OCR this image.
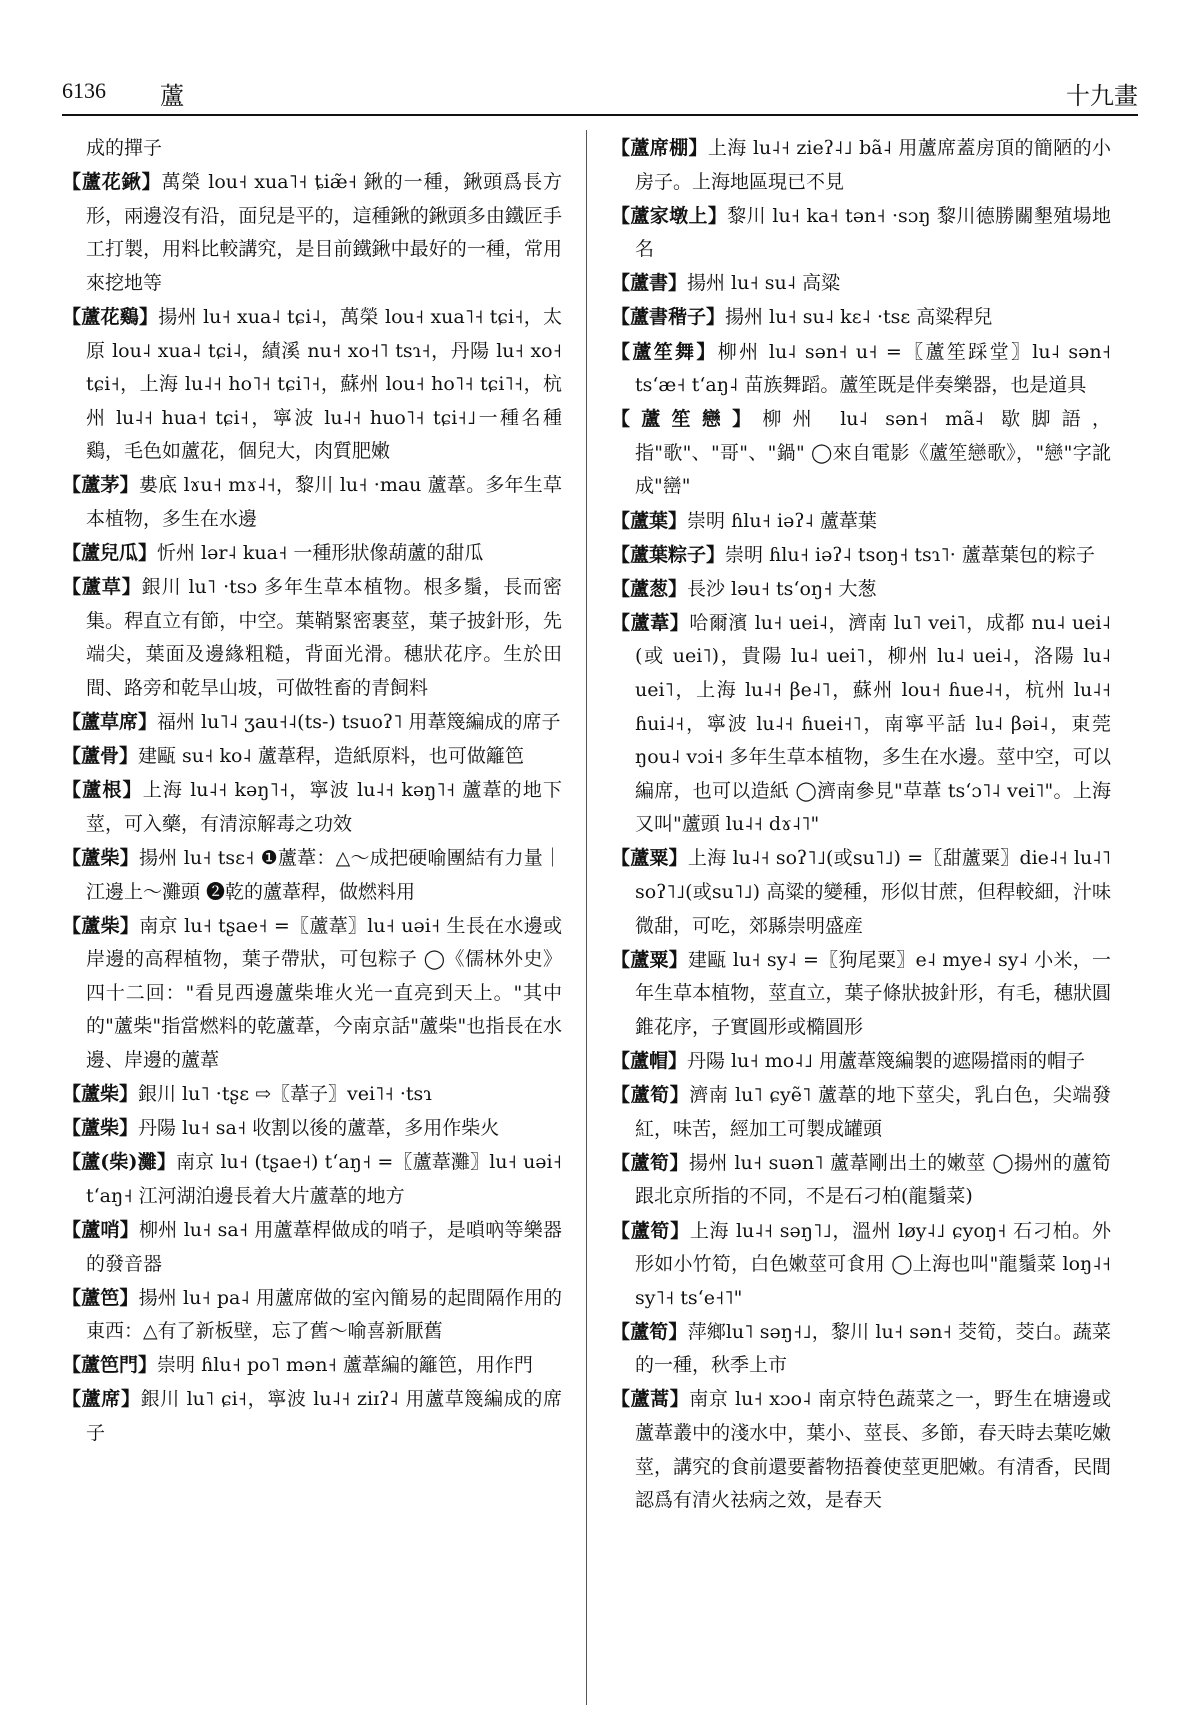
6136 蘆	十九畫

成的撣子

【蘆花鍬】萬榮 lou˧ xua˥˧ ȶiæ̃˧ 鍬的一種，鍬頭爲長方形，兩邊沒有沿，面兒是平的，這種鍬的鍬頭多由鐵匠手工打製，用料比較講究，是目前鐵鍬中最好的一種，常用來挖地等

【蘆花鷄】揚州 lu˧ xua˨ tɕi˨，萬榮 lou˧ xua˥˧ tɕi˧，太原 lou˨ xua˨ tɕi˨，績溪 nu˧ xo˧˥ tsɿ˧，丹陽 lu˧ xo˧ tɕi˧，上海 lu˨˧ ho˥˧ tɕi˥˧，蘇州 lou˧ ho˥˧ tɕi˥˧，杭州 lu˨˧ hua˧ tɕi˧，寧波 lu˨˧ huo˥˧ tɕi˧˩一種名種鷄，毛色如蘆花，個兒大，肉質肥嫩

【蘆茅】婁底 lɤu˧ mɤ˨˧，黎川 lu˧ ·mau 蘆葦。多年生草本植物，多生在水邊

【蘆兒瓜】忻州 lər˨ kua˧ 一種形狀像葫蘆的甜瓜

【蘆草】銀川 lu˥ ·tsɔ 多年生草本植物。根多鬚，長而密集。稈直立有節，中空。葉鞘緊密裹莖，葉子披針形，先端尖，葉面及邊緣粗糙，背面光滑。穗狀花序。生於田間、路旁和乾旱山坡，可做牲畜的青飼料

【蘆草席】福州 lu˥˨ ʒau˧˨(ts-) tsuoʔ˥ 用葦篾編成的席子

【蘆骨】建甌 su˧ ko˨ 蘆葦稈，造紙原料，也可做籬笆

【蘆根】上海 lu˨˧ kəŋ˥˧，寧波 lu˨˧ kəŋ˥˧ 蘆葦的地下莖，可入藥，有清涼解毒之功效

【蘆柴】揚州 lu˧ tsɛ˧ ❶蘆葦：△～成把硬喻團結有力量｜江邊上～灘頭 ❷乾的蘆葦稈，做燃料用

【蘆柴】南京 lu˧ tʂae˧ =〖蘆葦〗lu˧ uəi˧ 生長在水邊或岸邊的高稈植物，葉子帶狀，可包粽子 ◯《儒林外史》四十二回："看見西邊蘆柴堆火光一直亮到天上。"其中的"蘆柴"指當燃料的乾蘆葦，今南京話"蘆柴"也指長在水邊、岸邊的蘆葦

【蘆柴】銀川 lu˥ ·tʂɛ ⇨〖葦子〗vei˥˧ ·tsɿ

【蘆柴】丹陽 lu˧ sa˧ 收割以後的蘆葦，多用作柴火

【蘆(柴)灘】南京 lu˧ (tʂae˧) tʻaŋ˧ =〖蘆葦灘〗lu˧ uəi˧ tʻaŋ˧ 江河湖泊邊長着大片蘆葦的地方

【蘆哨】柳州 lu˧ sa˧ 用蘆葦桿做成的哨子，是嗩吶等樂器的發音器

【蘆笆】揚州 lu˧ pa˨ 用蘆席做的室內簡易的起間隔作用的東西：△有了新板壁，忘了舊～喻喜新厭舊

【蘆笆門】崇明 ɦlu˧ po˥ mən˧ 蘆葦編的籬笆，用作門

【蘆席】銀川 lu˥ ɕi˧，寧波 lu˨˧ ziɪʔ˨ 用蘆草篾編成的席子

【蘆席棚】上海 lu˨˧ zieʔ˨˩ bã˨ 用蘆席蓋房頂的簡陋的小房子。上海地區現已不見

【蘆家墩上】黎川 lu˧ ka˧ tən˧ ·sɔŋ 黎川德勝關墾殖場地名

【蘆書】揚州 lu˧ su˨ 高粱

【蘆書稭子】揚州 lu˧ su˨ kɛ˨ ·tsɛ 高粱稈兒

【蘆笙舞】柳州 lu˨ sən˧ u˧ =〖蘆笙踩堂〗lu˨ sən˧ tsʻæ˧ tʻaŋ˨ 苗族舞蹈。蘆笙既是伴奏樂器，也是道具

【蘆笙戀】柳州 lu˨ sən˧ mã˨ 歇脚語，指"歌"、"哥"、"鍋" ◯來自電影《蘆笙戀歌》，"戀"字訛成"巒"

【蘆葉】崇明 ɦlu˧ iəʔ˨ 蘆葦葉

【蘆葉粽子】崇明 ɦlu˧ iəʔ˨ tsoŋ˧ tsɿ˥· 蘆葦葉包的粽子

【蘆葱】長沙 ləu˧ tsʻoŋ˧ 大葱

【蘆葦】哈爾濱 lu˧ uei˨，濟南 lu˥ vei˥，成都 nu˨ uei˨ (或 uei˥)，貴陽 lu˨ uei˥，柳州 lu˨ uei˨，洛陽 lu˨ uei˥，上海 lu˨˧ βe˨˥，蘇州 lou˧ ɦue˨˧，杭州 lu˨˧ ɦui˨˧，寧波 lu˨˧ ɦuei˧˥，南寧平話 lu˨ βəi˨，東莞 ŋou˨ vɔi˧ 多年生草本植物，多生在水邊。莖中空，可以編席，也可以造紙 ◯濟南參見"草葦 tsʻɔ˥˨ vei˥"。上海又叫"蘆頭 lu˨˧ dɤ˨˥"

【蘆粟】上海 lu˨˧ soʔ˥˩(或su˥˩) =〖甜蘆粟〗die˨˧ lu˨˥ soʔ˥˩(或su˥˩) 高粱的變種，形似甘蔗，但稈較細，汁味微甜，可吃，郊縣崇明盛産

【蘆粟】建甌 lu˧ sy˨ =〖狗尾粟〗e˨ mye˨ sy˨ 小米，一年生草本植物，莖直立，葉子條狀披針形，有毛，穗狀圓錐花序，子實圓形或橢圓形

【蘆帽】丹陽 lu˧ mo˨˩ 用蘆葦篾編製的遮陽擋雨的帽子

【蘆筍】濟南 lu˥ ɕyẽ˥ 蘆葦的地下莖尖，乳白色，尖端發紅，味苦，經加工可製成罐頭

【蘆筍】揚州 lu˧ suən˥ 蘆葦剛出土的嫩莖 ◯揚州的蘆筍跟北京所指的不同，不是石刁柏(龍鬚菜)

【蘆筍】上海 lu˨˧ səŋ˥˩，溫州 løy˨˩ ɕyoŋ˧ 石刁柏。外形如小竹筍，白色嫩莖可食用 ◯上海也叫"龍鬚菜 loŋ˨˧ sy˥˧ tsʻe˧˥"

【蘆筍】萍鄉lu˥ səŋ˧˩，黎川 lu˧ sən˧ 茭筍，茭白。蔬菜的一種，秋季上市

【蘆蒿】南京 lu˧ xɔo˨ 南京特色蔬菜之一，野生在塘邊或蘆葦叢中的淺水中，葉小、莖長、多節，春天時去葉吃嫩莖，講究的食前還要蓄物捂養使莖更肥嫩。有清香，民間認爲有清火祛病之效，是春天
